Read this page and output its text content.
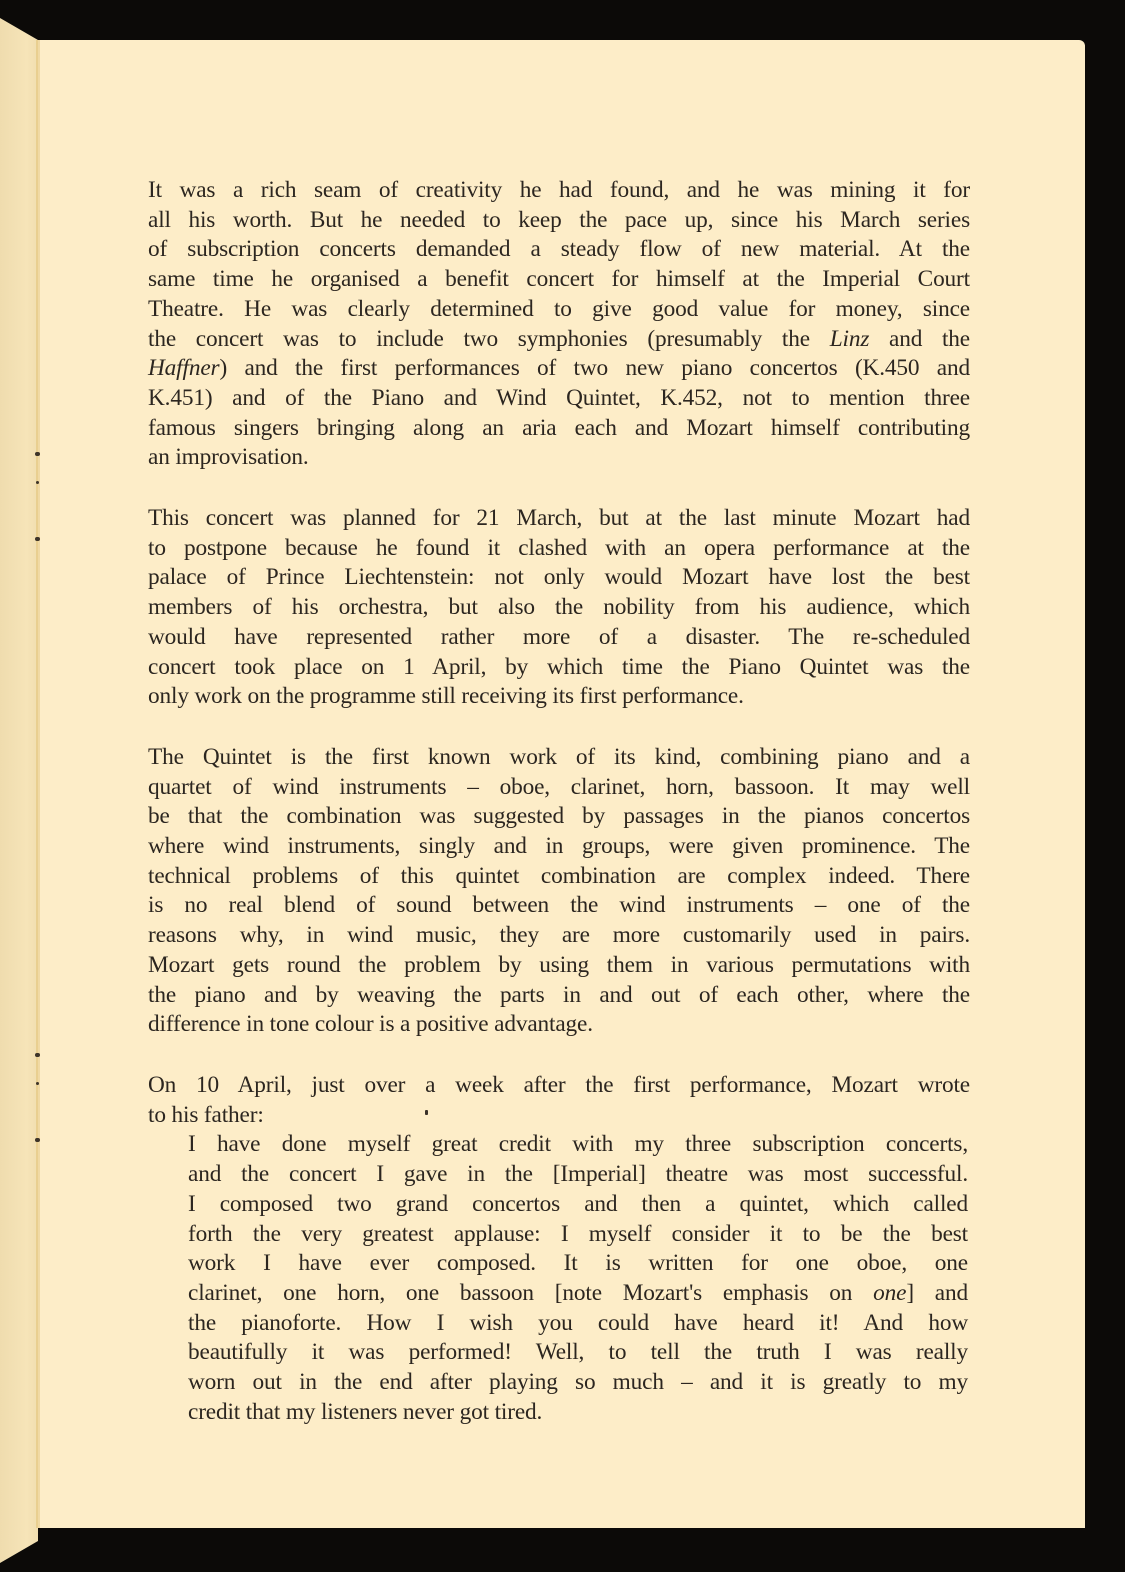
It was a rich seam of creativity he had found, and he was mining it for
all his worth. But he needed to keep the pace up, since his March series
of subscription concerts demanded a steady flow of new material. At the
same time he organised a benefit concert for himself at the Imperial Court
Theatre. He was clearly determined to give good value for money, since
the concert was to include two symphonies (presumably the Linz and the
Haffner) and the first performances of two new piano concertos (K.450 and
K.451) and of the Piano and Wind Quintet, K.452, not to mention three
famous singers bringing along an aria each and Mozart himself contributing
an improvisation.

This concert was planned for 21 March, but at the last minute Mozart had
to postpone because he found it clashed with an opera performance at the
palace of Prince Liechtenstein: not only would Mozart have lost the best
members of his orchestra, but also the nobility from his audience, which
would have represented rather more of a disaster. The re-scheduled
concert took place on 1 April, by which time the Piano Quintet was the
only work on the programme still receiving its first performance.

The Quintet is the first known work of its kind, combining piano and a
quartet of wind instruments – oboe, clarinet, horn, bassoon. It may well
be that the combination was suggested by passages in the pianos concertos
where wind instruments, singly and in groups, were given prominence. The
technical problems of this quintet combination are complex indeed. There
is no real blend of sound between the wind instruments – one of the
reasons why, in wind music, they are more customarily used in pairs.
Mozart gets round the problem by using them in various permutations with
the piano and by weaving the parts in and out of each other, where the
difference in tone colour is a positive advantage.

On 10 April, just over a week after the first performance, Mozart wrote
to his father:

I have done myself great credit with my three subscription concerts,
and the concert I gave in the [Imperial] theatre was most successful.
I composed two grand concertos and then a quintet, which called
forth the very greatest applause: I myself consider it to be the best
work I have ever composed. It is written for one oboe, one
clarinet, one horn, one bassoon [note Mozart's emphasis on one] and
the pianoforte. How I wish you could have heard it! And how
beautifully it was performed! Well, to tell the truth I was really
worn out in the end after playing so much – and it is greatly to my
credit that my listeners never got tired.
